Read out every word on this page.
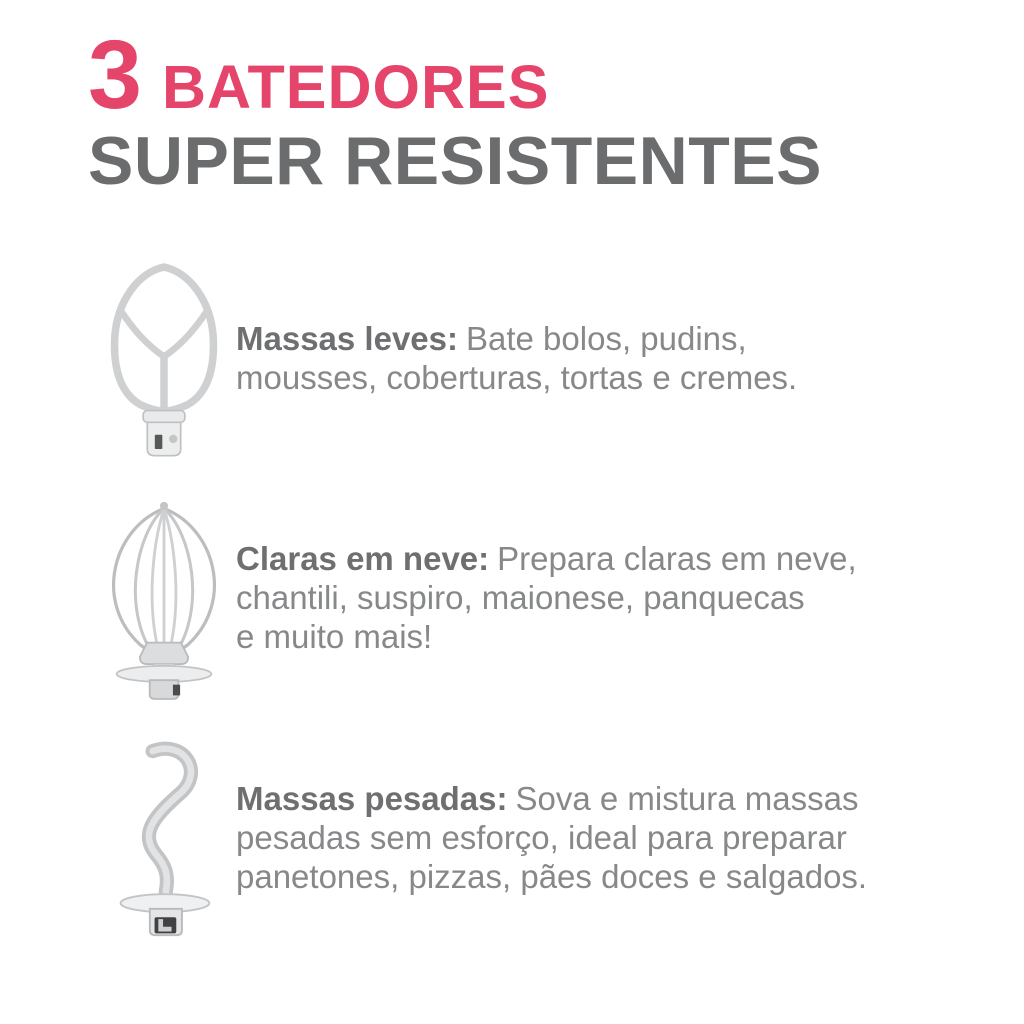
3 BATEDORES
SUPER RESISTENTES
Massas leves: Bate bolos, pudins,
mousses, coberturas, tortas e cremes.
Claras em neve: Prepara claras em neve,
chantili, suspiro, maionese, panquecas
e muito mais!
Massas pesadas: Sova e mistura massas
pesadas sem esforço, ideal para preparar
panetones, pizzas, pães doces e salgados.
